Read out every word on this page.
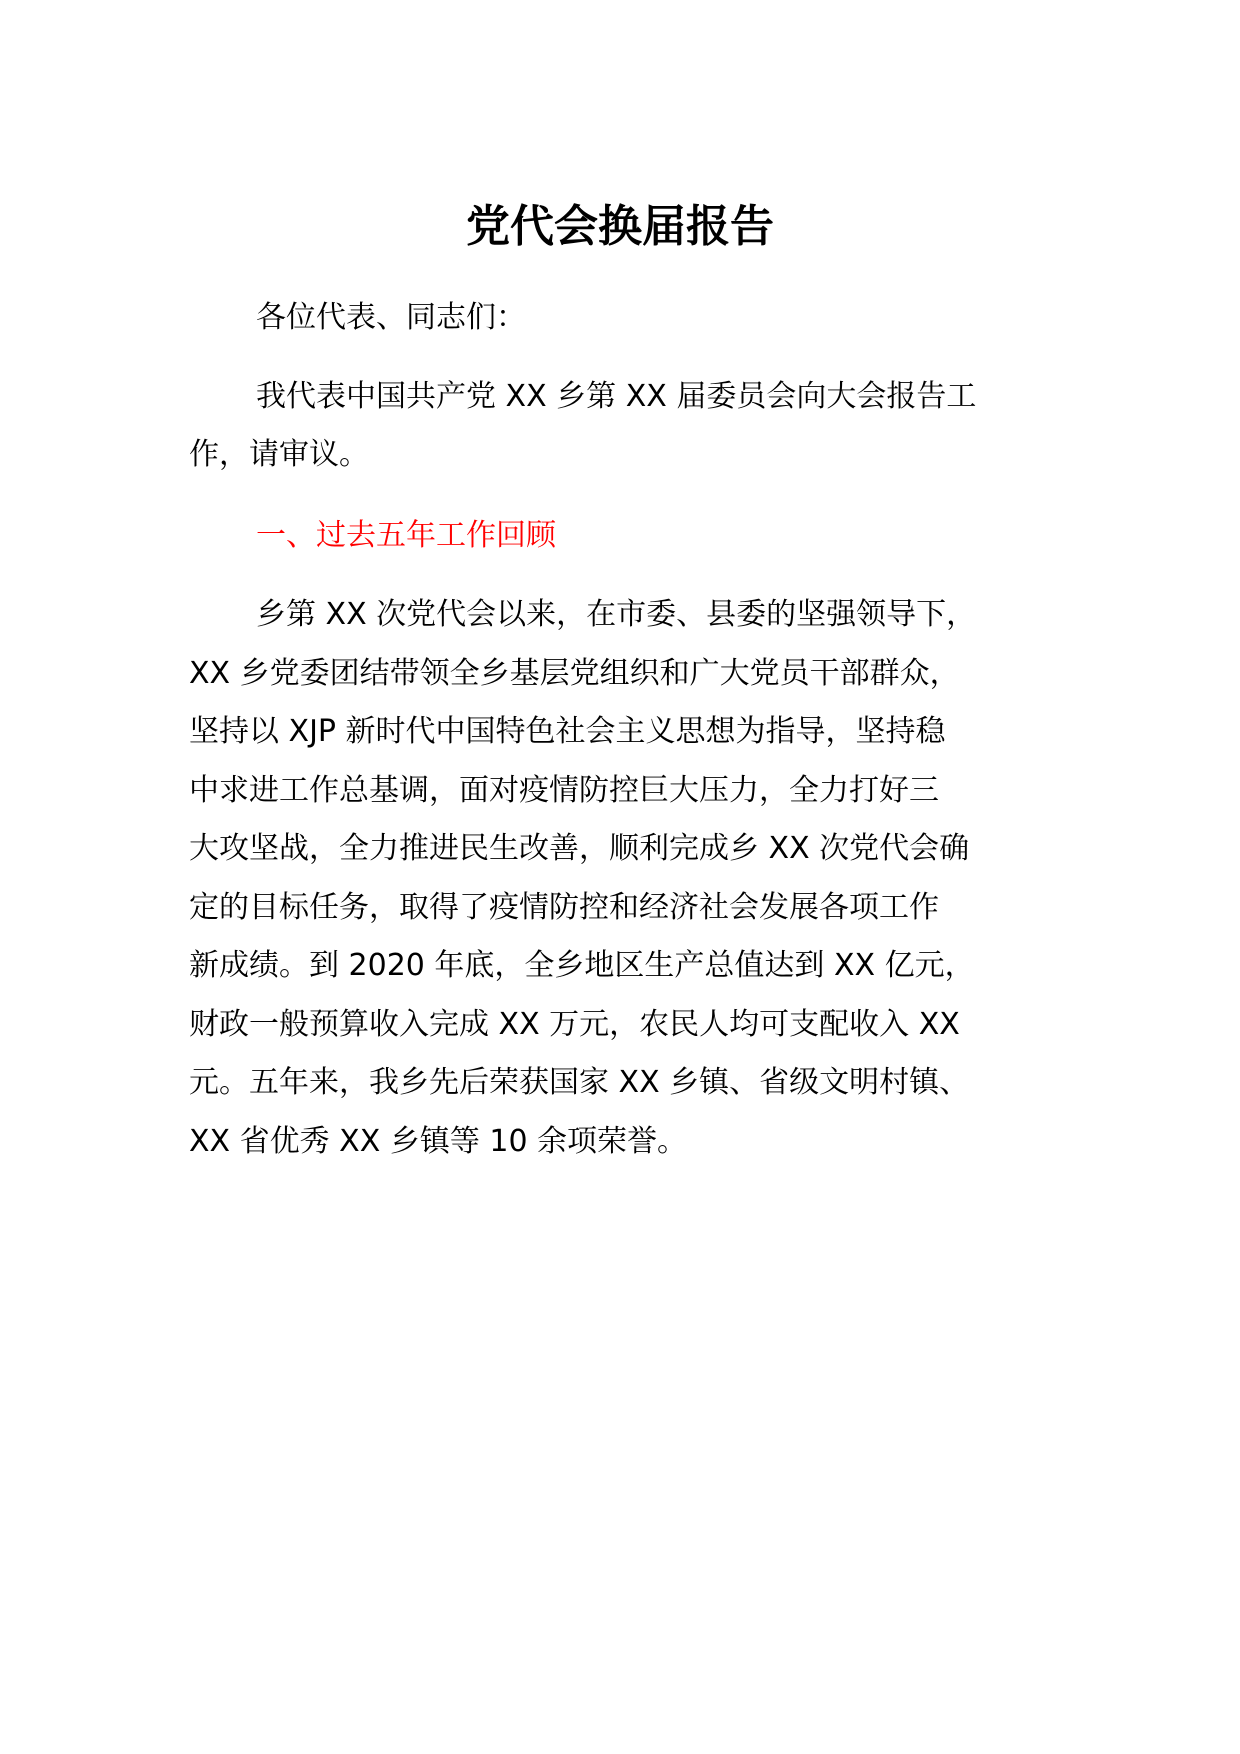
党代会换届报告
各位代表、同志们：
我代表中国共产党 XX 乡第 XX 届委员会向大会报告工
作，请审议。
一、过去五年工作回顾
乡第 XX 次党代会以来，在市委、县委的坚强领导下，
XX 乡党委团结带领全乡基层党组织和广大党员干部群众，
坚持以 XJP 新时代中国特色社会主义思想为指导，坚持稳
中求进工作总基调，面对疫情防控巨大压力，全力打好三
大攻坚战，全力推进民生改善，顺利完成乡 XX 次党代会确
定的目标任务，取得了疫情防控和经济社会发展各项工作
新成绩。到 2020 年底，全乡地区生产总值达到 XX 亿元，
财政一般预算收入完成 XX 万元，农民人均可支配收入 XX
元。五年来，我乡先后荣获国家 XX 乡镇、省级文明村镇、
XX 省优秀 XX 乡镇等 10 余项荣誉。
